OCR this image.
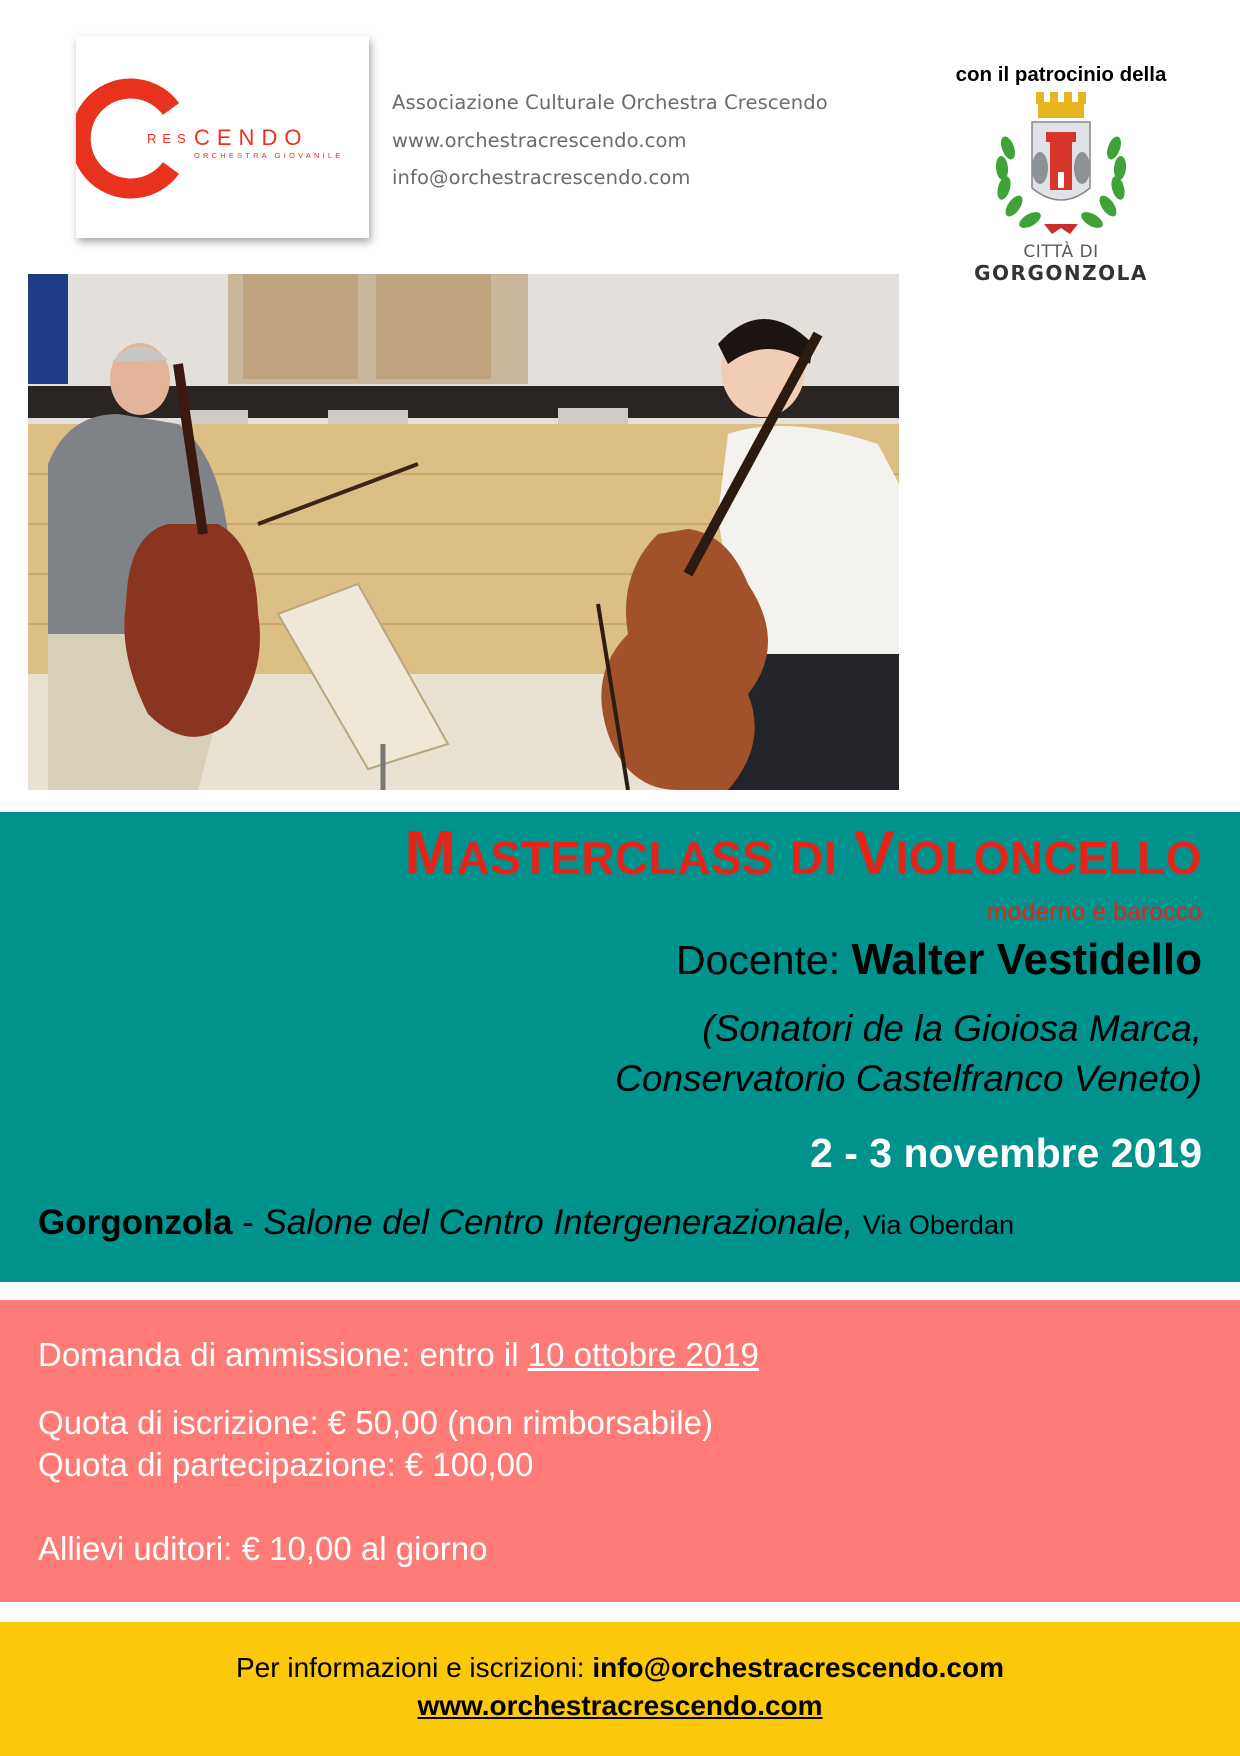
RES CENDO
ORCHESTRA GIOVANILE
Associazione Culturale Orchestra Crescendo
www.orchestracrescendo.com
info@orchestracrescendo.com
con il patrocinio della
CITTÀ DI
GORGONZOLA
MASTERCLASS DI VIOLONCELLO
moderno e barocco
Docente: Walter Vestidello
(Sonatori de la Gioiosa Marca,
Conservatorio Castelfranco Veneto)
2 - 3 novembre 2019
Gorgonzola - Salone del Centro Intergenerazionale, Via Oberdan
Domanda di ammissione: entro il 10 ottobre 2019
Quota di iscrizione: € 50,00 (non rimborsabile)
Quota di partecipazione: € 100,00
Allievi uditori: € 10,00 al giorno
Per informazioni e iscrizioni: info@orchestracrescendo.com
www.orchestracrescendo.com
